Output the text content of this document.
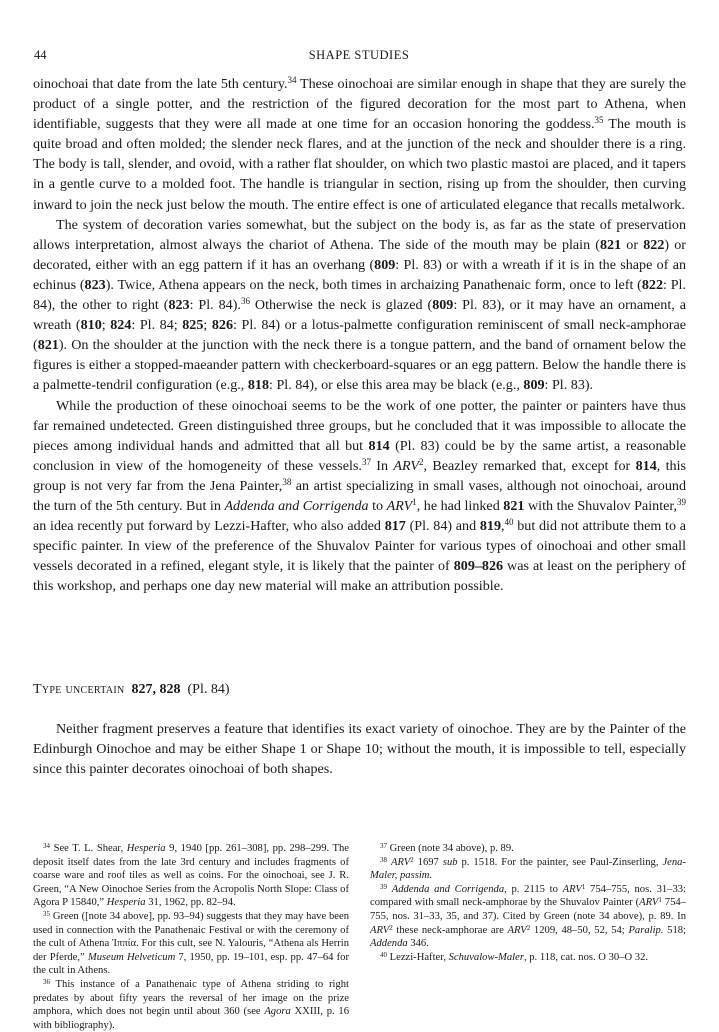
44	SHAPE STUDIES

oinochoai that date from the late 5th century.$^{34}$ These oinochoai are similar enough in shape that they are surely the product of a single potter, and the restriction of the figured decoration for the most part to Athena, when identifiable, suggests that they were all made at one time for an occasion honoring the goddess.$^{35}$ The mouth is quite broad and often molded; the slender neck flares, and at the junction of the neck and shoulder there is a ring. The body is tall, slender, and ovoid, with a rather flat shoulder, on which two plastic mastoi are placed, and it tapers in a gentle curve to a molded foot. The handle is triangular in section, rising up from the shoulder, then curving inward to join the neck just below the mouth. The entire effect is one of articulated elegance that recalls metalwork.

The system of decoration varies somewhat, but the subject on the body is, as far as the state of preservation allows interpretation, almost always the chariot of Athena. The side of the mouth may be plain (821 or 822) or decorated, either with an egg pattern if it has an overhang (809: Pl. 83) or with a wreath if it is in the shape of an echinus (823). Twice, Athena appears on the neck, both times in archaizing Panathenaic form, once to left (822: Pl. 84), the other to right (823: Pl. 84).$^{36}$ Otherwise the neck is glazed (809: Pl. 83), or it may have an ornament, a wreath (810; 824: Pl. 84; 825; 826: Pl. 84) or a lotus-palmette configuration reminiscent of small neck-amphorae (821). On the shoulder at the junction with the neck there is a tongue pattern, and the band of ornament below the figures is either a stopped-maeander pattern with checkerboard-squares or an egg pattern. Below the handle there is a palmette-tendril configuration (e.g., 818: Pl. 84), or else this area may be black (e.g., 809: Pl. 83).

While the production of these oinochoai seems to be the work of one potter, the painter or painters have thus far remained undetected. Green distinguished three groups, but he concluded that it was impossible to allocate the pieces among individual hands and admitted that all but 814 (Pl. 83) could be by the same artist, a reasonable conclusion in view of the homogeneity of these vessels.$^{37}$ In ARV$^2$, Beazley remarked that, except for 814, this group is not very far from the Jena Painter,$^{38}$ an artist specializing in small vases, although not oinochoai, around the turn of the 5th century. But in Addenda and Corrigenda to ARV$^1$, he had linked 821 with the Shuvalov Painter,$^{39}$ an idea recently put forward by Lezzi-Hafter, who also added 817 (Pl. 84) and 819,40 but did not attribute them to a specific painter. In view of the preference of the Shuvalov Painter for various types of oinochoai and other small vessels decorated in a refined, elegant style, it is likely that the painter of 809–826 was at least on the periphery of this workshop, and perhaps one day new material will make an attribution possible.

Type uncertain 827, 828 (Pl. 84)

Neither fragment preserves a feature that identifies its exact variety of oinochoe. They are by the Painter of the Edinburgh Oinochoe and may be either Shape 1 or Shape 10; without the mouth, it is impossible to tell, especially since this painter decorates oinochoai of both shapes.

$^{34}$ See T. L. Shear, Hesperia 9, 1940 [pp. 261–308], pp. 298–299. The deposit itself dates from the late 3rd century and includes fragments of coarse ware and roof tiles as well as coins. For the oinochoai, see J. R. Green, “A New Oinochoe Series from the Acropolis North Slope: Class of Agora P 15840,” Hesperia 31, 1962, pp. 82–94.

$^{35}$ Green ([note 34 above], pp. 93–94) suggests that they may have been used in connection with the Panathenaic Festival or with the ceremony of the cult of Athena Ἱππία. For this cult, see N. Yalouris, “Athena als Herrin der Pferde,” Museum Helveticum 7, 1950, pp. 19–101, esp. pp. 47–64 for the cult in Athens.

$^{36}$ This instance of a Panathenaic type of Athena striding to right predates by about fifty years the reversal of her image on the prize amphora, which does not begin until about 360 (see Agora XXIII, p. 16 with bibliography).

$^{37}$ Green (note 34 above), p. 89.

$^{38}$ ARV$^2$ 1697 sub p. 1518. For the painter, see Paul-Zinserling, Jena-Maler, passim.

$^{39}$ Addenda and Corrigenda, p. 2115 to ARV$^1$ 754–755, nos. 31–33: compared with small neck-amphorae by the Shuvalov Painter (ARV$^1$ 754–755, nos. 31–33, 35, and 37). Cited by Green (note 34 above), p. 89. In ARV$^2$ these neck-amphorae are ARV$^2$ 1209, 48–50, 52, 54; Paralip. 518; Addenda 346.

$^{40}$ Lezzi-Hafter, Schuvalow-Maler, p. 118, cat. nos. O 30–O 32.
